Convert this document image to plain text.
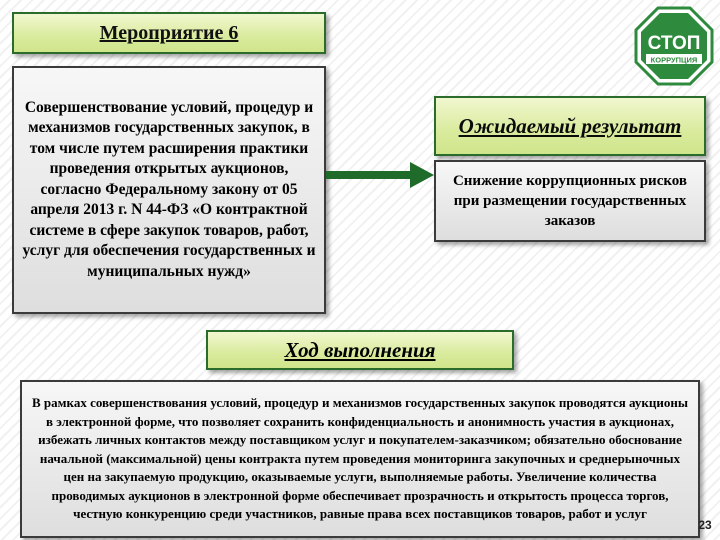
Мероприятие 6
Совершенствование условий, процедур и механизмов государственных закупок, в том числе путем расширения практики проведения открытых аукционов, согласно Федеральному закону от 05 апреля 2013 г. N 44-ФЗ «О контрактной системе в сфере закупок товаров, работ, услуг для обеспечения государственных и муниципальных нужд»
Ожидаемый результат
Снижение коррупционных рисков при размещении государственных заказов
Ход выполнения
В рамках совершенствования условий, процедур и механизмов государственных закупок проводятся аукционы в электронной форме, что позволяет сохранить конфиденциальность и анонимность участия в аукционах, избежать личных контактов между поставщиком услуг и покупателем-заказчиком; обязательно обоснование начальной (максимальной) цены контракта путем проведения мониторинга закупочных и среднерыночных цен на закупаемую продукцию, оказываемые услуги, выполняемые работы. Увеличение количества проводимых аукционов в электронной форме обеспечивает прозрачность и открытость процесса торгов, честную конкуренцию среди участников, равные права всех поставщиков товаров, работ и услуг
СТОП
КОРРУПЦИЯ
23
